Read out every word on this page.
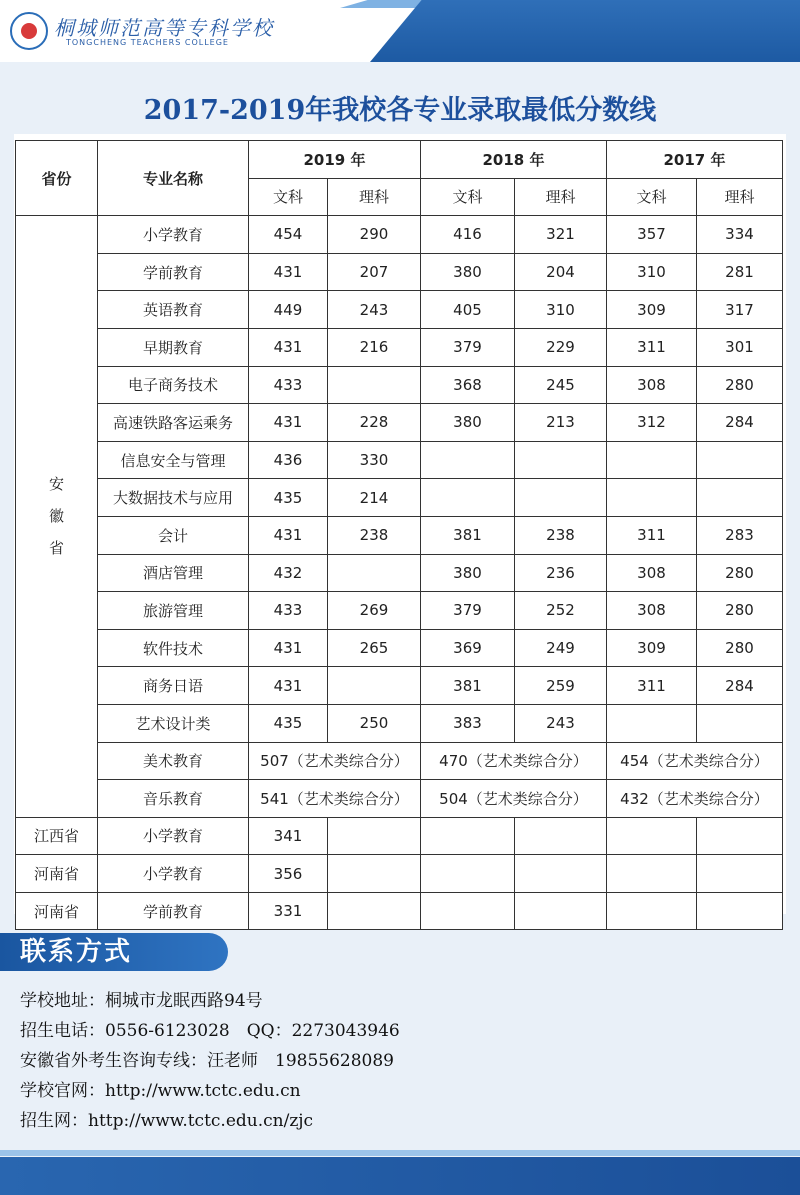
桐城师范高等专科学校
TONGCHENG TEACHERS COLLEGE
2017-2019年我校各专业录取最低分数线
省份	专业名称	2019 年		2018 年		2017 年	
		文科	理科	文科	理科	文科	理科
安徽省	小学教育	454	290	416	321	357	334
	学前教育	431	207	380	204	310	281
	英语教育	449	243	405	310	309	317
	早期教育	431	216	379	229	311	301
	电子商务技术	433		368	245	308	280
	高速铁路客运乘务	431	228	380	213	312	284
	信息安全与管理	436	330				
	大数据技术与应用	435	214				
	会计	431	238	381	238	311	283
	酒店管理	432		380	236	308	280
	旅游管理	433	269	379	252	308	280
	软件技术	431	265	369	249	309	280
	商务日语	431		381	259	311	284
	艺术设计类	435	250	383	243		
	美术教育	507（艺术类综合分）		470（艺术类综合分）		454（艺术类综合分）	
	音乐教育	541（艺术类综合分）		504（艺术类综合分）		432（艺术类综合分）	
江西省	小学教育	341					
河南省	小学教育	356					
河南省	学前教育	331					
联系方式
学校地址：桐城市龙眠西路94号
招生电话：0556-6123028　QQ：2273043946
安徽省外考生咨询专线：汪老师　19855628089
学校官网：http://www.tctc.edu.cn
招生网：http://www.tctc.edu.cn/zjc
